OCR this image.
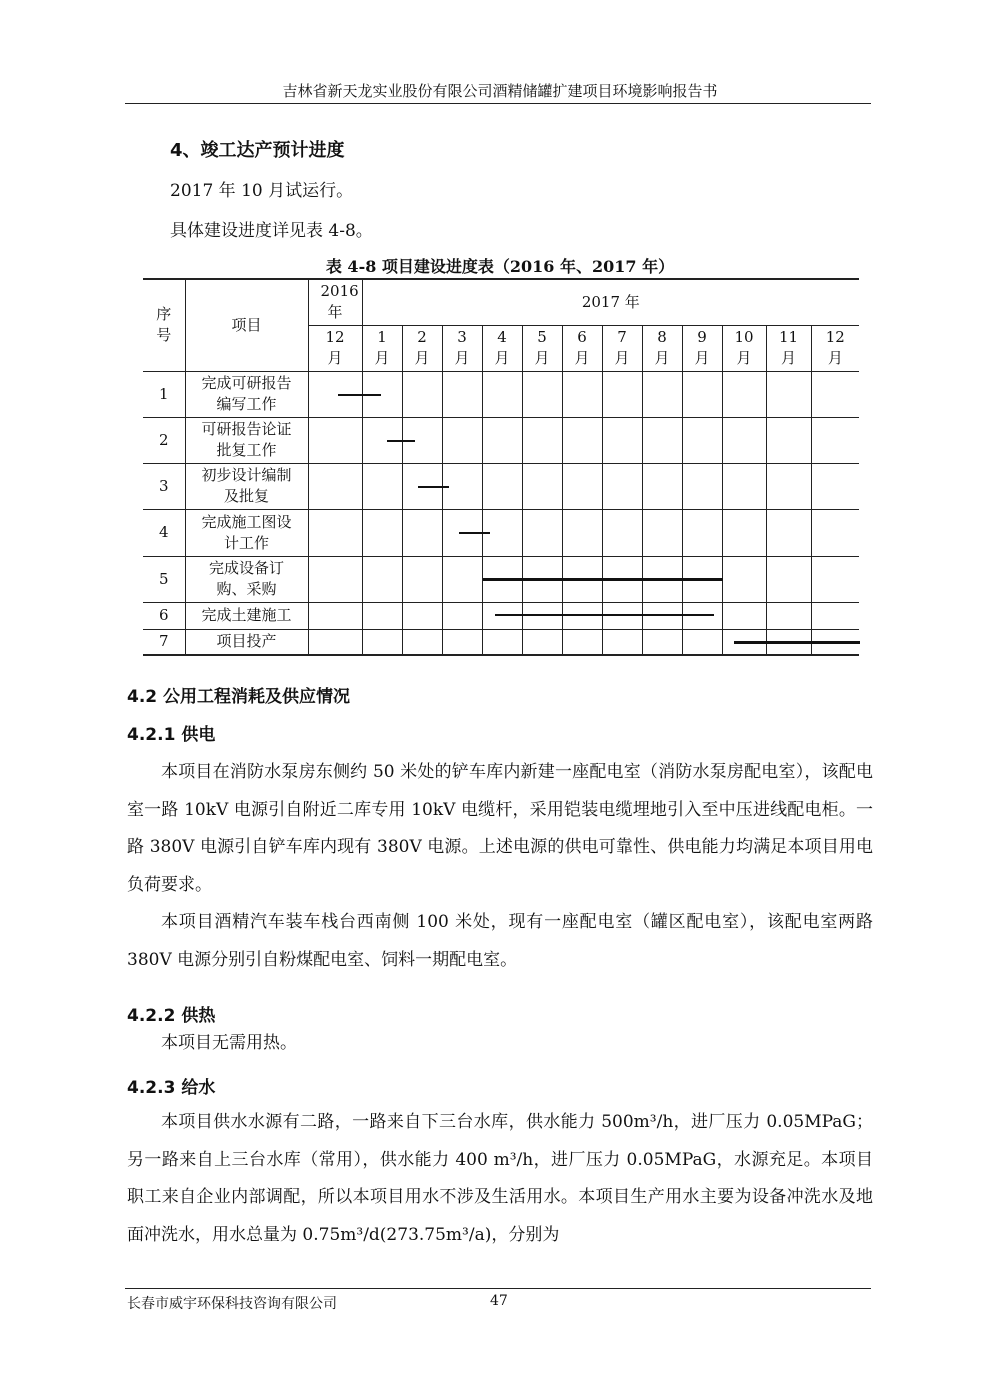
吉林省新天龙实业股份有限公司酒精储罐扩建项目环境影响报告书
4、竣工达产预计进度
2017 年 10 月试运行。
具体建设进度详见表 4-8。
表 4-8 项目建设进度表（2016 年、2017 年）
序号	项目	2016年	2017 年											
		12月	1月	2月	3月	4月	5月	6月	7月	8月	9月	10月	11月	12月
1	完成可研报告编写工作	

2	可研报告论证批复工作		

3	初步设计编制及批复			

4	完成施工图设计工作				

5	完成设备订购、采购					

6	完成土建施工					

7	项目投产											

4.2 公用工程消耗及供应情况
4.2.1 供电

本项目在消防水泵房东侧约 50 米处的铲车库内新建一座配电室（消防水泵房配电室），该配电室一路 10kV 电源引自附近二库专用 10kV 电缆杆，采用铠装电缆埋地引入至中压进线配电柜。一路 380V 电源引自铲车库内现有 380V 电源。上述电源的供电可靠性、供电能力均满足本项目用电负荷要求。

本项目酒精汽车装车栈台西南侧 100 米处，现有一座配电室（罐区配电室），该配电室两路 380V 电源分别引自粉煤配电室、饲料一期配电室。

4.2.2 供热

本项目无需用热。

4.2.3 给水

本项目供水水源有二路，一路来自下三台水库，供水能力 500m³/h，进厂压力 0.05MPaG；另一路来自上三台水库（常用），供水能力 400 m³/h，进厂压力 0.05MPaG，水源充足。本项目职工来自企业内部调配，所以本项目用水不涉及生活用水。本项目生产用水主要为设备冲洗水及地面冲洗水，用水总量为 0.75m³/d(273.75m³/a)，分别为

长春市威宇环保科技咨询有限公司	47
